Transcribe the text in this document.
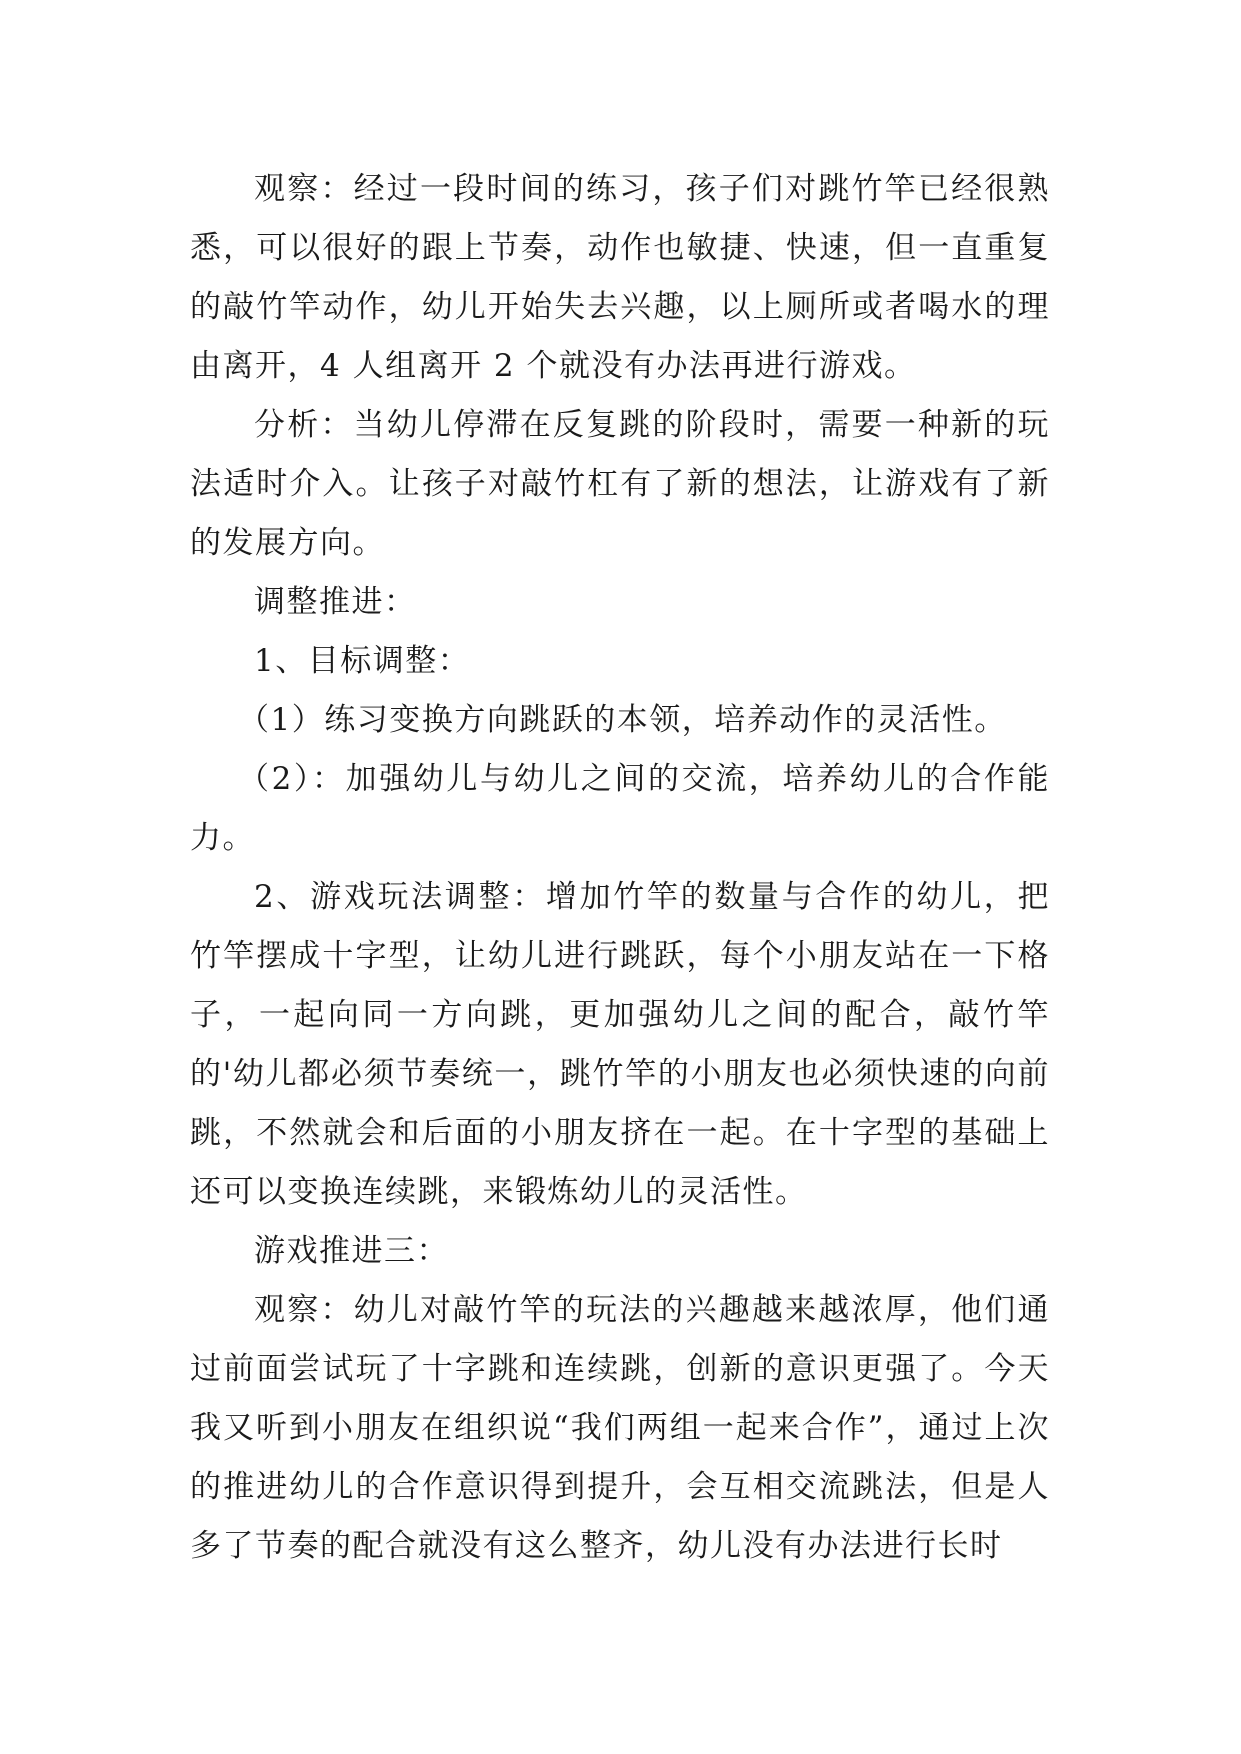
观察：经过一段时间的练习，孩子们对跳竹竿已经很熟悉，可以很好的跟上节奏，动作也敏捷、快速，但一直重复的敲竹竿动作，幼儿开始失去兴趣，以上厕所或者喝水的理由离开，4 人组离开 2 个就没有办法再进行游戏。

分析：当幼儿停滞在反复跳的阶段时，需要一种新的玩法适时介入。让孩子对敲竹杠有了新的想法，让游戏有了新的发展方向。

调整推进：

1、目标调整：

（1）练习变换方向跳跃的本领，培养动作的灵活性。

（2）：加强幼儿与幼儿之间的交流，培养幼儿的合作能力。

2、游戏玩法调整：增加竹竿的数量与合作的幼儿，把竹竿摆成十字型，让幼儿进行跳跃，每个小朋友站在一下格子，一起向同一方向跳，更加强幼儿之间的配合，敲竹竿的'幼儿都必须节奏统一，跳竹竿的小朋友也必须快速的向前跳，不然就会和后面的小朋友挤在一起。在十字型的基础上还可以变换连续跳，来锻炼幼儿的灵活性。

游戏推进三：

观察：幼儿对敲竹竿的玩法的兴趣越来越浓厚，他们通过前面尝试玩了十字跳和连续跳，创新的意识更强了。今天我又听到小朋友在组织说“我们两组一起来合作”，通过上次的推进幼儿的合作意识得到提升，会互相交流跳法，但是人多了节奏的配合就没有这么整齐，幼儿没有办法进行长时
